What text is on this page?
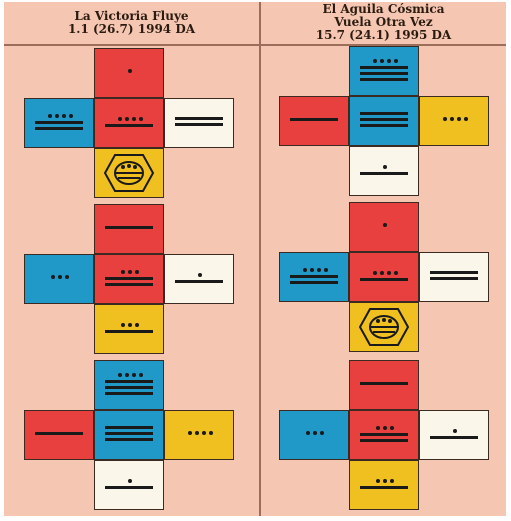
La Victoria Fluye
1.1 (26.7) 1994 DA
El Aguila Cósmica
Vuela Otra Vez
15.7 (24.1) 1995 DA
